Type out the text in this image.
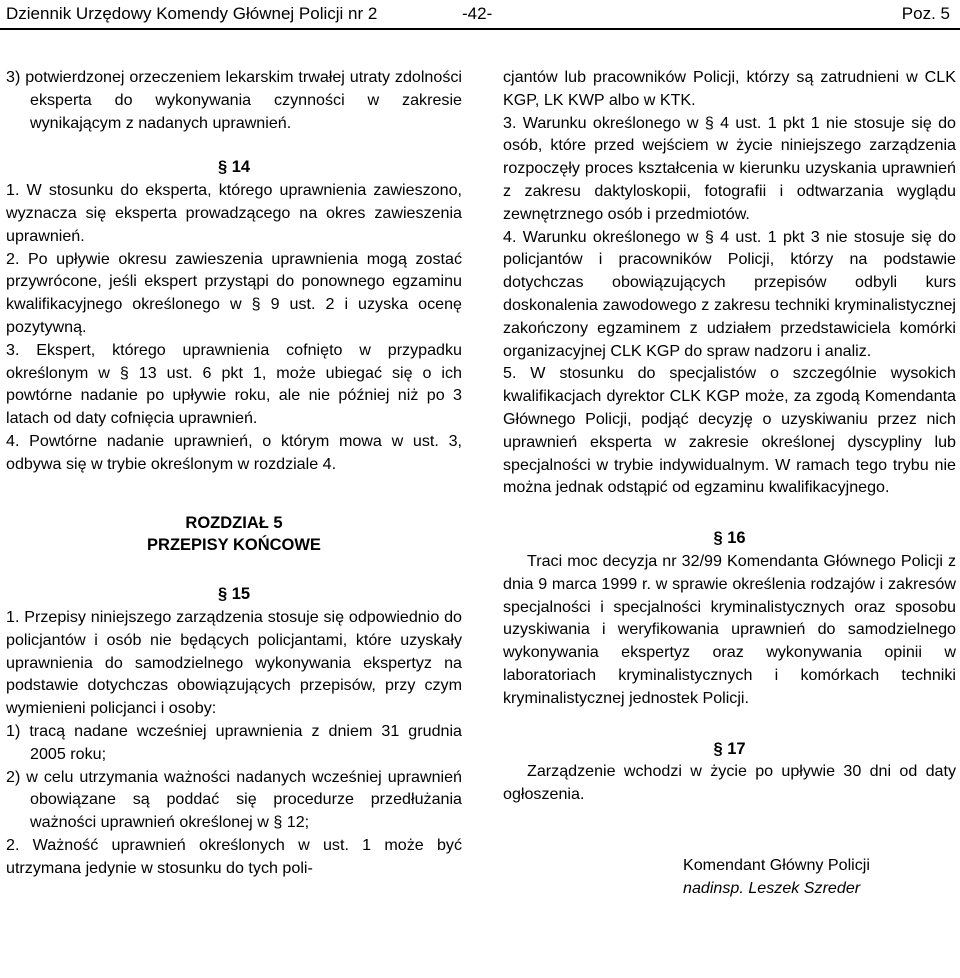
Dziennik Urzędowy Komendy Głównej Policji nr 2	-42-	Poz. 5

3) potwierdzonej orzeczeniem lekarskim trwałej utraty zdolności eksperta do wykonywania czynności w zakresie wynikającym z nadanych uprawnień.

§ 14

1. W stosunku do eksperta, którego uprawnienia zawieszono, wyznacza się eksperta prowadzącego na okres zawieszenia uprawnień.

2. Po upływie okresu zawieszenia uprawnienia mogą zostać przywrócone, jeśli ekspert przystąpi do ponownego egzaminu kwalifikacyjnego określonego w § 9 ust. 2 i uzyska ocenę pozytywną.

3. Ekspert, którego uprawnienia cofnięto w przypadku określonym w § 13 ust. 6 pkt 1, może ubiegać się o ich powtórne nadanie po upływie roku, ale nie później niż po 3 latach od daty cofnięcia uprawnień.

4. Powtórne nadanie uprawnień, o którym mowa w ust. 3, odbywa się w trybie określonym w rozdziale 4.

ROZDZIAŁ 5

PRZEPISY KOŃCOWE

§ 15

1. Przepisy niniejszego zarządzenia stosuje się odpowiednio do policjantów i osób nie będących policjantami, które uzyskały uprawnienia do samodzielnego wykonywania ekspertyz na podstawie dotychczas obowiązujących przepisów, przy czym wymienieni policjanci i osoby:

1) tracą nadane wcześniej uprawnienia z dniem 31 grudnia 2005 roku;

2) w celu utrzymania ważności nadanych wcześniej uprawnień obowiązane są poddać się procedurze przedłużania ważności uprawnień określonej w § 12;

2. Ważność uprawnień określonych w ust. 1 może być utrzymana jedynie w stosunku do tych poli-

cjantów lub pracowników Policji, którzy są zatrudnieni w CLK KGP, LK KWP albo w KTK.

3. Warunku określonego w § 4 ust. 1 pkt 1 nie stosuje się do osób, które przed wejściem w życie niniejszego zarządzenia rozpoczęły proces kształcenia w kierunku uzyskania uprawnień z zakresu daktyloskopii, fotografii i odtwarzania wyglądu zewnętrznego osób i przedmiotów.

4. Warunku określonego w § 4 ust. 1 pkt 3 nie stosuje się do policjantów i pracowników Policji, którzy na podstawie dotychczas obowiązujących przepisów odbyli kurs doskonalenia zawodowego z zakresu techniki kryminalistycznej zakończony egzaminem z udziałem przedstawiciela komórki organizacyjnej CLK KGP do spraw nadzoru i analiz.

5. W stosunku do specjalistów o szczególnie wysokich kwalifikacjach dyrektor CLK KGP może, za zgodą Komendanta Głównego Policji, podjąć decyzję o uzyskiwaniu przez nich uprawnień eksperta w zakresie określonej dyscypliny lub specjalności w trybie indywidualnym. W ramach tego trybu nie można jednak odstąpić od egzaminu kwalifikacyjnego.

§ 16

Traci moc decyzja nr 32/99 Komendanta Głównego Policji z dnia 9 marca 1999 r. w sprawie określenia rodzajów i zakresów specjalności i specjalności kryminalistycznych oraz sposobu uzyskiwania i weryfikowania uprawnień do samodzielnego wykonywania ekspertyz oraz wykonywania opinii w laboratoriach kryminalistycznych i komórkach techniki kryminalistycznej jednostek Policji.

§ 17

Zarządzenie wchodzi w życie po upływie 30 dni od daty ogłoszenia.

Komendant Główny Policji

nadinsp. Leszek Szreder
